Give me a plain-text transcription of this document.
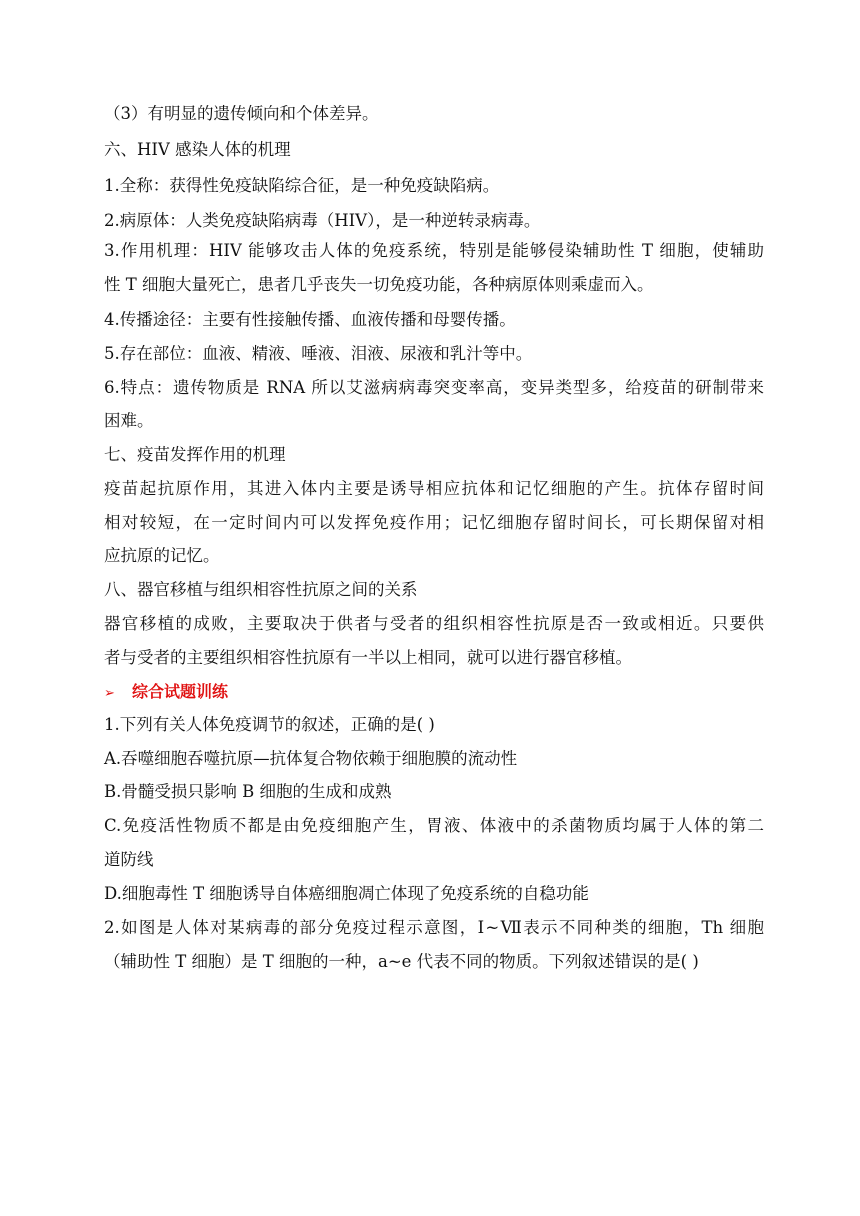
（3）有明显的遗传倾向和个体差异。
六、HIV 感染人体的机理
1.全称：获得性免疫缺陷综合征，是一种免疫缺陷病。
2.病原体：人类免疫缺陷病毒（HIV），是一种逆转录病毒。
3.作用机理：HIV 能够攻击人体的免疫系统，特别是能够侵染辅助性 T 细胞，使辅助
性 T 细胞大量死亡，患者几乎丧失一切免疫功能，各种病原体则乘虚而入。
4.传播途径：主要有性接触传播、血液传播和母婴传播。
5.存在部位：血液、精液、唾液、泪液、尿液和乳汁等中。
6.特点：遗传物质是 RNA 所以艾滋病病毒突变率高，变异类型多，给疫苗的研制带来
困难。
七、疫苗发挥作用的机理
疫苗起抗原作用，其进入体内主要是诱导相应抗体和记忆细胞的产生。抗体存留时间
相对较短，在一定时间内可以发挥免疫作用；记忆细胞存留时间长，可长期保留对相
应抗原的记忆。
八、器官移植与组织相容性抗原之间的关系
器官移植的成败，主要取决于供者与受者的组织相容性抗原是否一致或相近。只要供
者与受者的主要组织相容性抗原有一半以上相同，就可以进行器官移植。
➢ 综合试题训练
1.下列有关人体免疫调节的叙述，正确的是( )
A.吞噬细胞吞噬抗原—抗体复合物依赖于细胞膜的流动性
B.骨髓受损只影响 B 细胞的生成和成熟
C.免疫活性物质不都是由免疫细胞产生，胃液、体液中的杀菌物质均属于人体的第二
道防线
D.细胞毒性 T 细胞诱导自体癌细胞凋亡体现了免疫系统的自稳功能
2.如图是人体对某病毒的部分免疫过程示意图，Ⅰ~Ⅶ表示不同种类的细胞，Th 细胞
（辅助性 T 细胞）是 T 细胞的一种，a~e 代表不同的物质。下列叙述错误的是( )
